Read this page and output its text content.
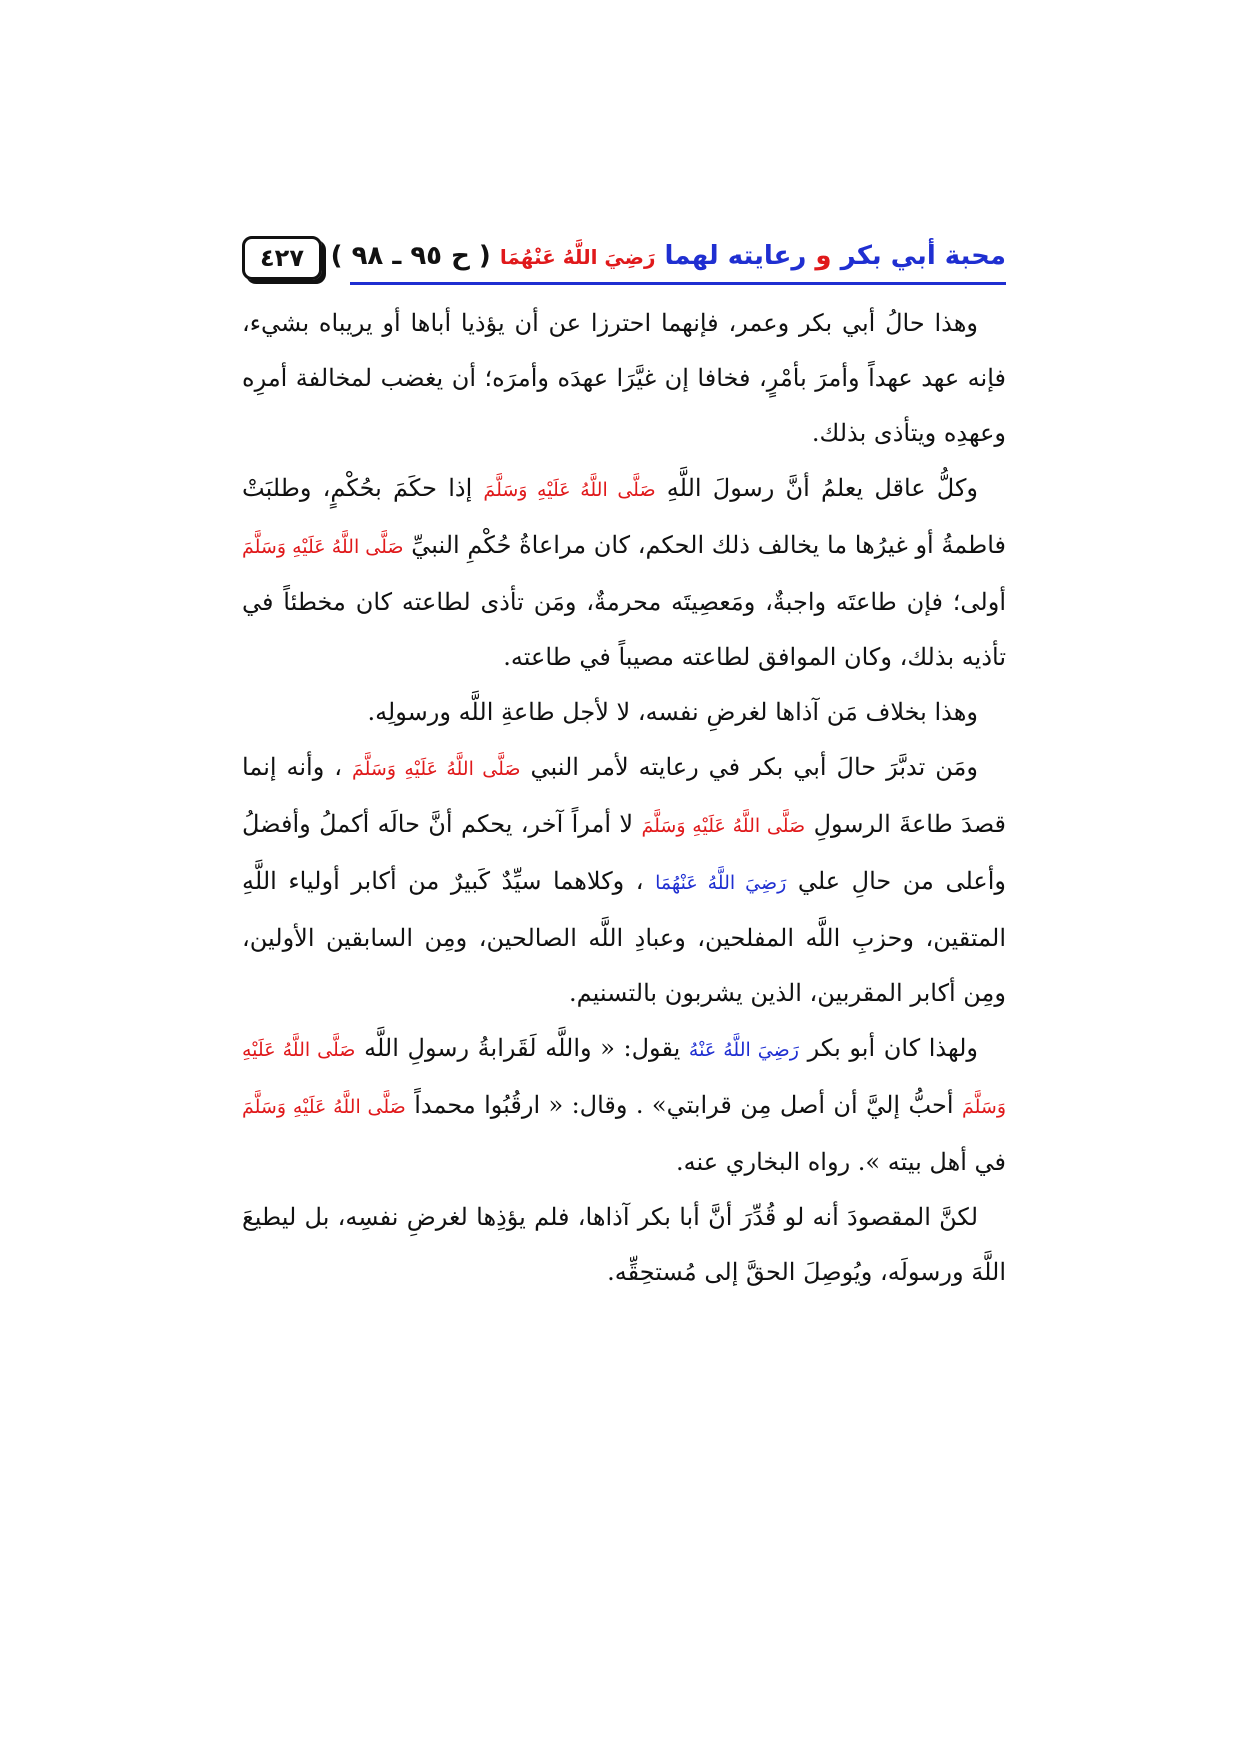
٤٢٧	محبة أبي بكر و رعايته لهما رَضِيَ اللَّهُ عَنْهُمَا ( ح ٩٥ ـ ٩٨ )

وهذا حالُ أبي بكر وعمر، فإنهما احترزا عن أن يؤذيا أباها أو يريباه بشيء، فإنه عهد عهداً وأمرَ بأمْرٍ، فخافا إن غيَّرَا عهدَه وأمرَه؛ أن يغضب لمخالفة أمرِه وعهدِه ويتأذى بذلك.

وكلُّ عاقل يعلمُ أنَّ رسولَ اللَّهِ صَلَّى اللَّهُ عَلَيْهِ وَسَلَّمَ إذا حكَمَ بحُكْمٍ، وطلبَتْ فاطمةُ أو غيرُها ما يخالف ذلك الحكم، كان مراعاةُ حُكْمِ النبيِّ صَلَّى اللَّهُ عَلَيْهِ وَسَلَّمَ أولى؛ فإن طاعتَه واجبةٌ، ومَعصِيتَه محرمةٌ، ومَن تأذى لطاعته كان مخطئاً في تأذيه بذلك، وكان الموافق لطاعته مصيباً في طاعته.

وهذا بخلاف مَن آذاها لغرضِ نفسه، لا لأجل طاعةِ اللَّه ورسولِه.

ومَن تدبَّرَ حالَ أبي بكر في رعايته لأمر النبي صَلَّى اللَّهُ عَلَيْهِ وَسَلَّمَ ، وأنه إنما قصدَ طاعةَ الرسولِ صَلَّى اللَّهُ عَلَيْهِ وَسَلَّمَ لا أمراً آخر، يحكم أنَّ حالَه أكملُ وأفضلُ وأعلى من حالِ علي رَضِيَ اللَّهُ عَنْهُمَا ، وكلاهما سيِّدٌ كَبيرٌ من أكابر أولياء اللَّهِ المتقين، وحزبِ اللَّه المفلحين، وعبادِ اللَّه الصالحين، ومِن السابقين الأولين، ومِن أكابر المقربين، الذين يشربون بالتسنيم.

ولهذا كان أبو بكر رَضِيَ اللَّهُ عَنْهُ يقول: « واللَّه لَقَرابةُ رسولِ اللَّه صَلَّى اللَّهُ عَلَيْهِ وَسَلَّمَ أحبُّ إليَّ أن أصل مِن قرابتي» . وقال: « ارقُبُوا محمداً صَلَّى اللَّهُ عَلَيْهِ وَسَلَّمَ في أهل بيته ». رواه البخاري عنه.

لكنَّ المقصودَ أنه لو قُدِّرَ أنَّ أبا بكر آذاها، فلم يؤذِها لغرضِ نفسِه، بل ليطيعَ اللَّهَ ورسولَه، ويُوصِلَ الحقَّ إلى مُستحِقِّه.
